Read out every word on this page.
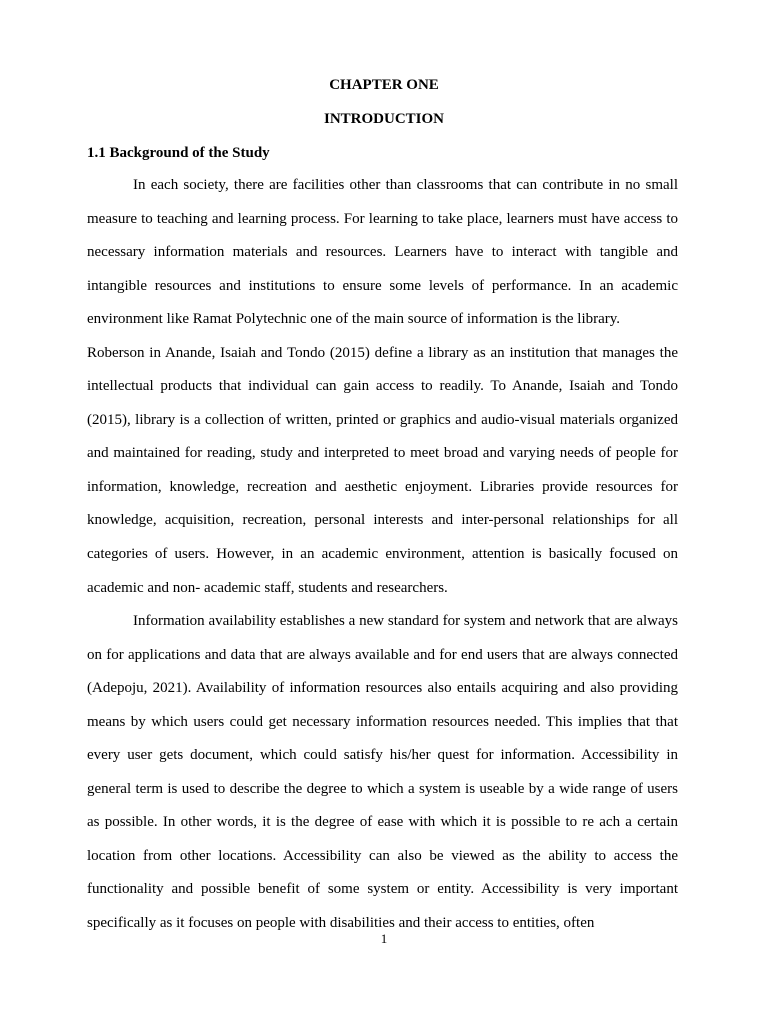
CHAPTER ONE
INTRODUCTION
1.1 Background of the Study

In each society, there are facilities other than classrooms that can contribute in no small measure to teaching and learning process. For learning to take place, learners must have access to necessary information materials and resources. Learners have to interact with tangible and intangible resources and institutions to ensure some levels of performance. In an academic environment like Ramat Polytechnic one of the main source of information is the library.

Roberson in Anande, Isaiah and Tondo (2015) define a library as an institution that manages the intellectual products that individual can gain access to readily. To Anande, Isaiah and Tondo (2015), library is a collection of written, printed or graphics and audio-visual materials organized and maintained for reading, study and interpreted to meet broad and varying needs of people for information, knowledge, recreation and aesthetic enjoyment. Libraries provide resources for knowledge, acquisition, recreation, personal interests and inter-personal relationships for all categories of users. However, in an academic environment, attention is basically focused on academic and non- academic staff, students and researchers.

Information availability establishes a new standard for system and network that are always on for applications and data that are always available and for end users that are always connected (Adepoju, 2021). Availability of information resources also entails acquiring and also providing means by which users could get necessary information resources needed. This implies that that every user gets document, which could satisfy his/her quest for information. Accessibility in general term is used to describe the degree to which a system is useable by a wide range of users as possible. In other words, it is the degree of ease with which it is possible to re ach a certain location from other locations. Accessibility can also be viewed as the ability to access the functionality and possible benefit of some system or entity. Accessibility is very important specifically as it focuses on people with disabilities and their access to entities, often

1
